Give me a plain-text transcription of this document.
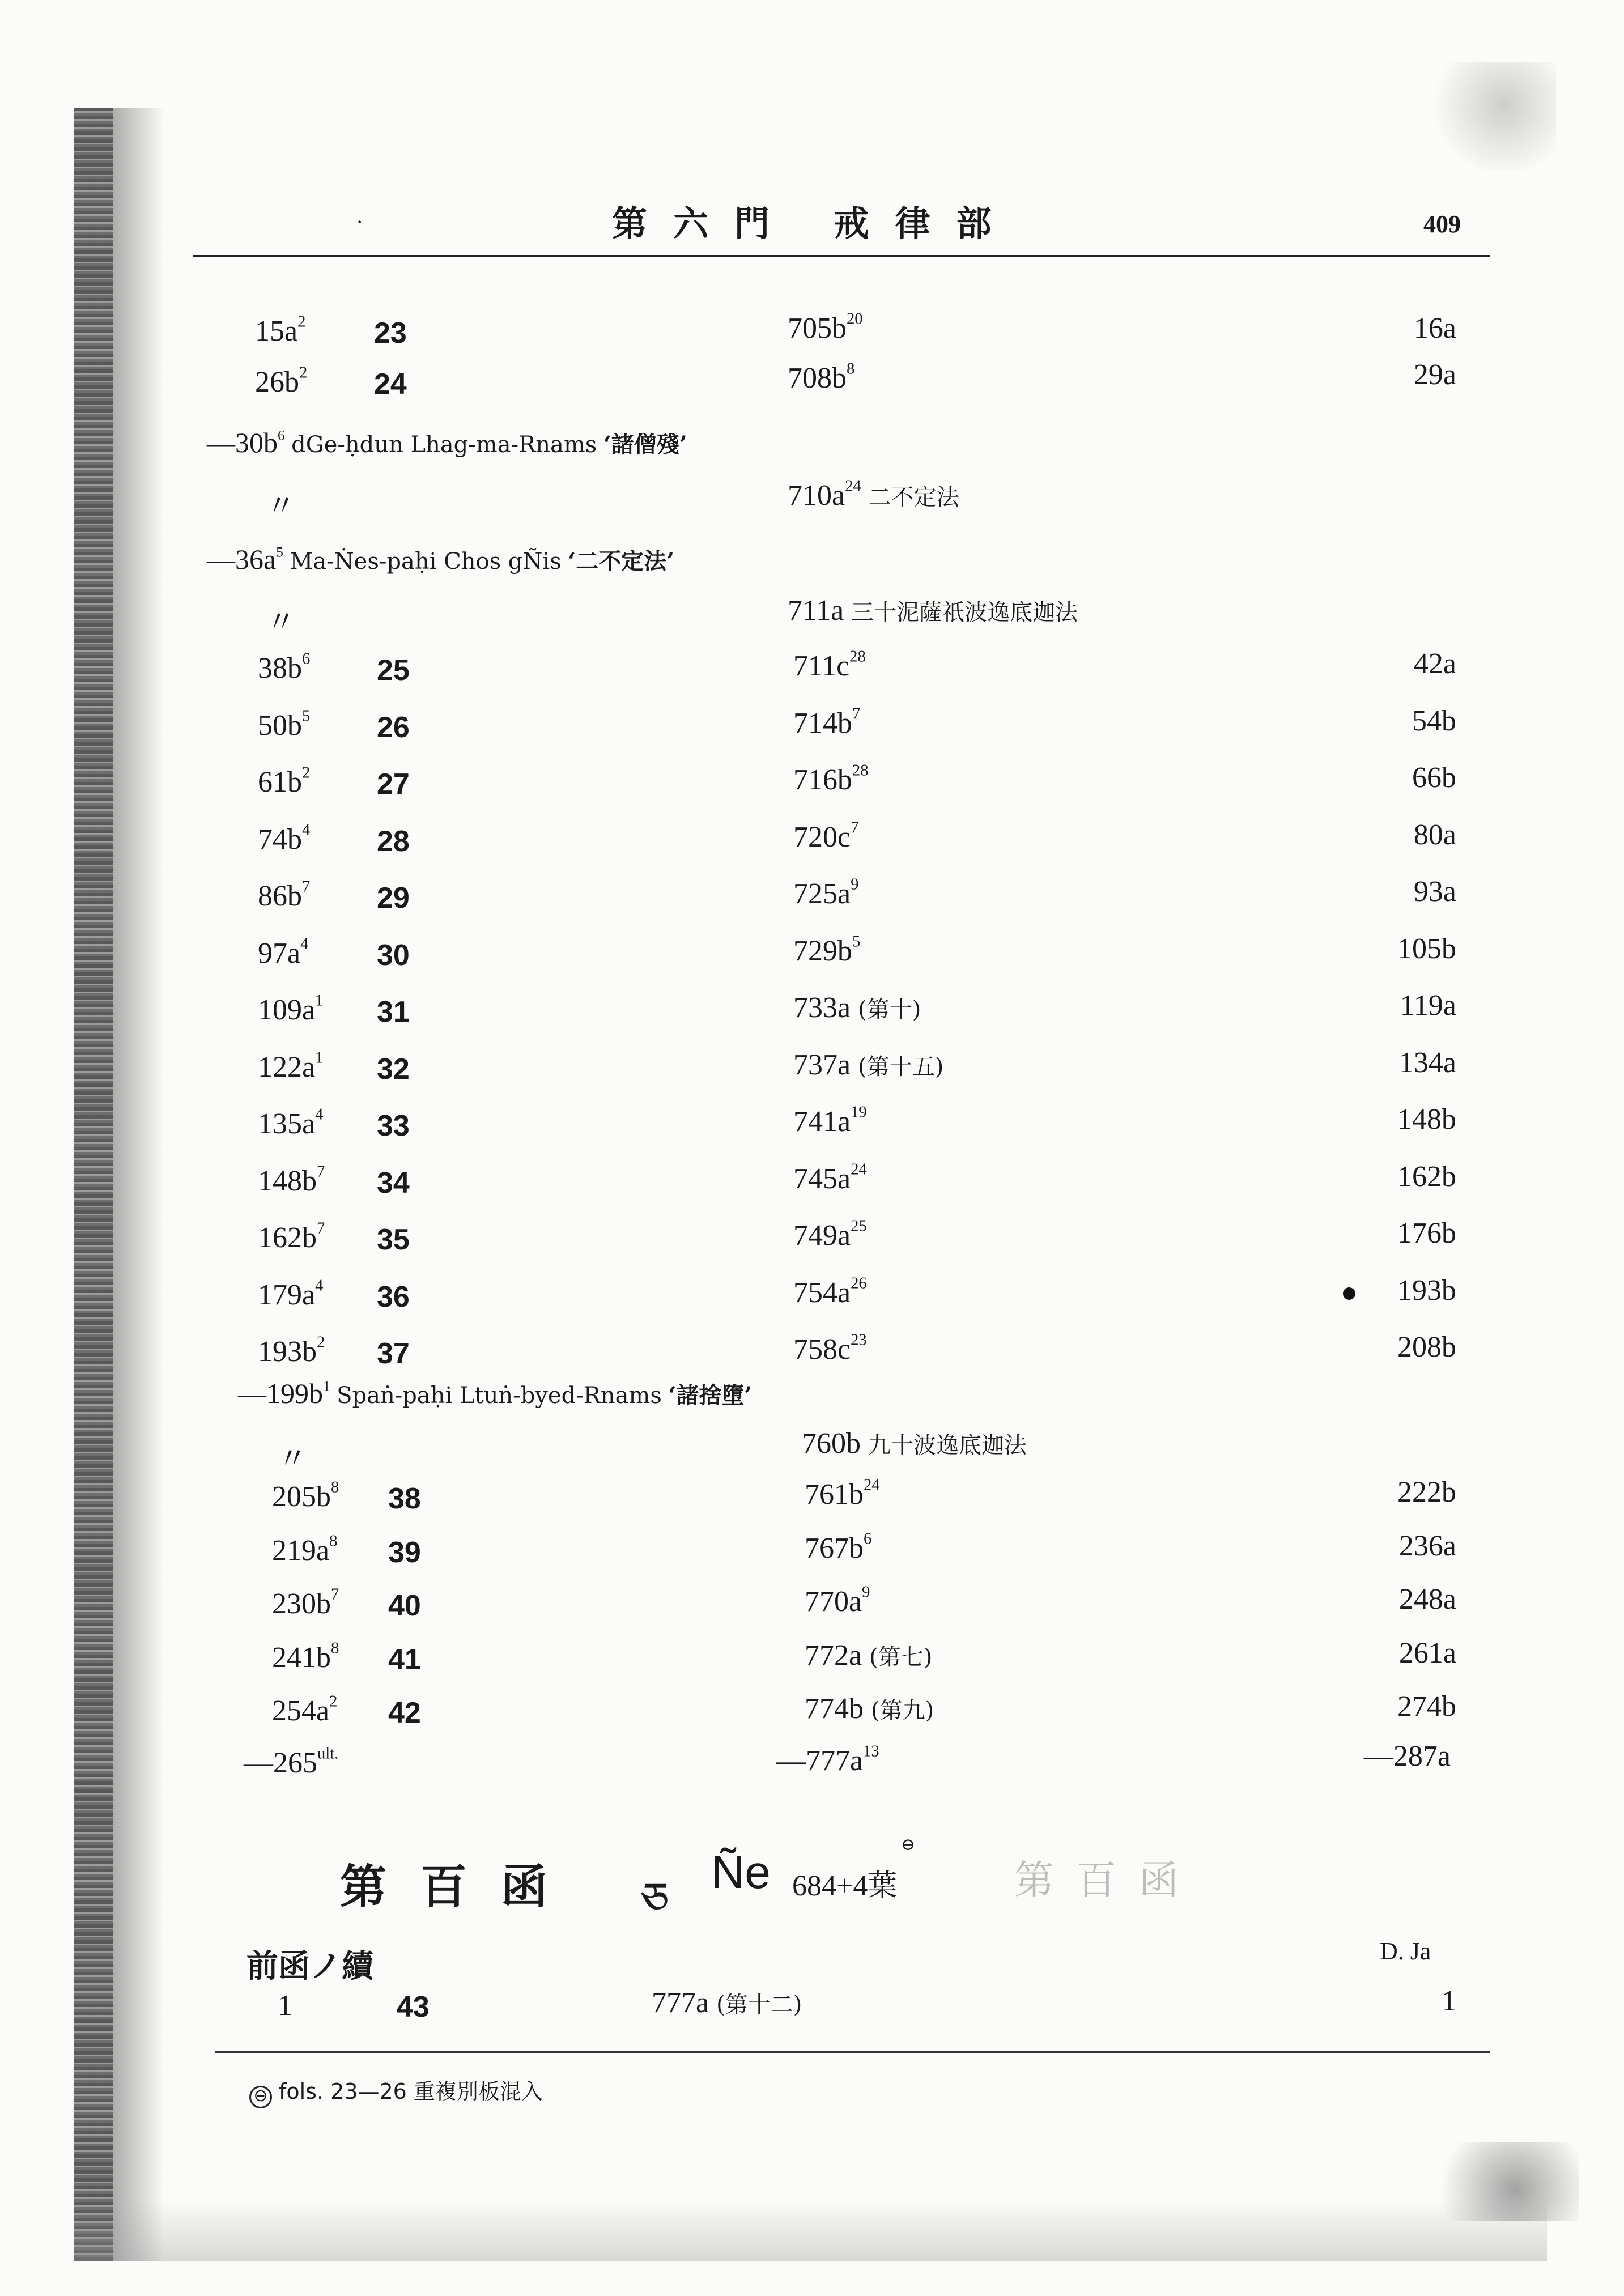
·	第六門 戒律部	409
$15a^2$ 23	$705b^{20}$	16a
$26b^2$ 24	$708b^8$	29a
$—30b^6$ dGe-ḥdun Lhag-ma-Rnams ‘諸僧殘’
〃	$710a^{24}$ 二不定法
$—36a^5$ Ma-Ṅes-paḥi Chos gÑis ‘二不定法’
〃	711a 三十泥薩祇波逸底迦法
$38b^6$ 25	$711c^{28}$	42a
$50b^5$ 26	$714b^7$	54b
$61b^2$ 27	$716b^{28}$	66b
$74b^4$ 28	$720c^7$	80a
$86b^7$ 29	$725a^9$	93a
$97a^4$ 30	$729b^5$	105b
$109a^1$ 31	733a (第十)	119a
$122a^1$ 32	737a (第十五)	134a
$135a^4$ 33	$741a^{19}$	148b
$148b^7$ 34	$745a^{24}$	162b
$162b^7$ 35	$749a^{25}$	176b
$179a^4$ 36	$754a^{26}$	193b
$193b^2$ 37	$758c^{23}$	208b
$—199b^1$ Spaṅ-paḥi Ltuṅ-byed-Rnams ‘諸捨墮’
〃	760b 九十波逸底迦法
$205b^8$ 38	$761b^{24}$	222b
$219a^8$ 39	$767b^6$	236a
$230b^7$ 40	$770a^9$	248a
$241b^8$ 41	772a (第七)	261a
$254a^2$ 42	774b (第九)	274b
$—265^{ult.}$	$—777a^{13}$	—287a
第百函 ཅ
Ñe 684+4葉
⊖
第百函
前函ノ續	D. Ja
1	43	777a (第十二)	1
⊖ fols. 23—26 重複別板混入
